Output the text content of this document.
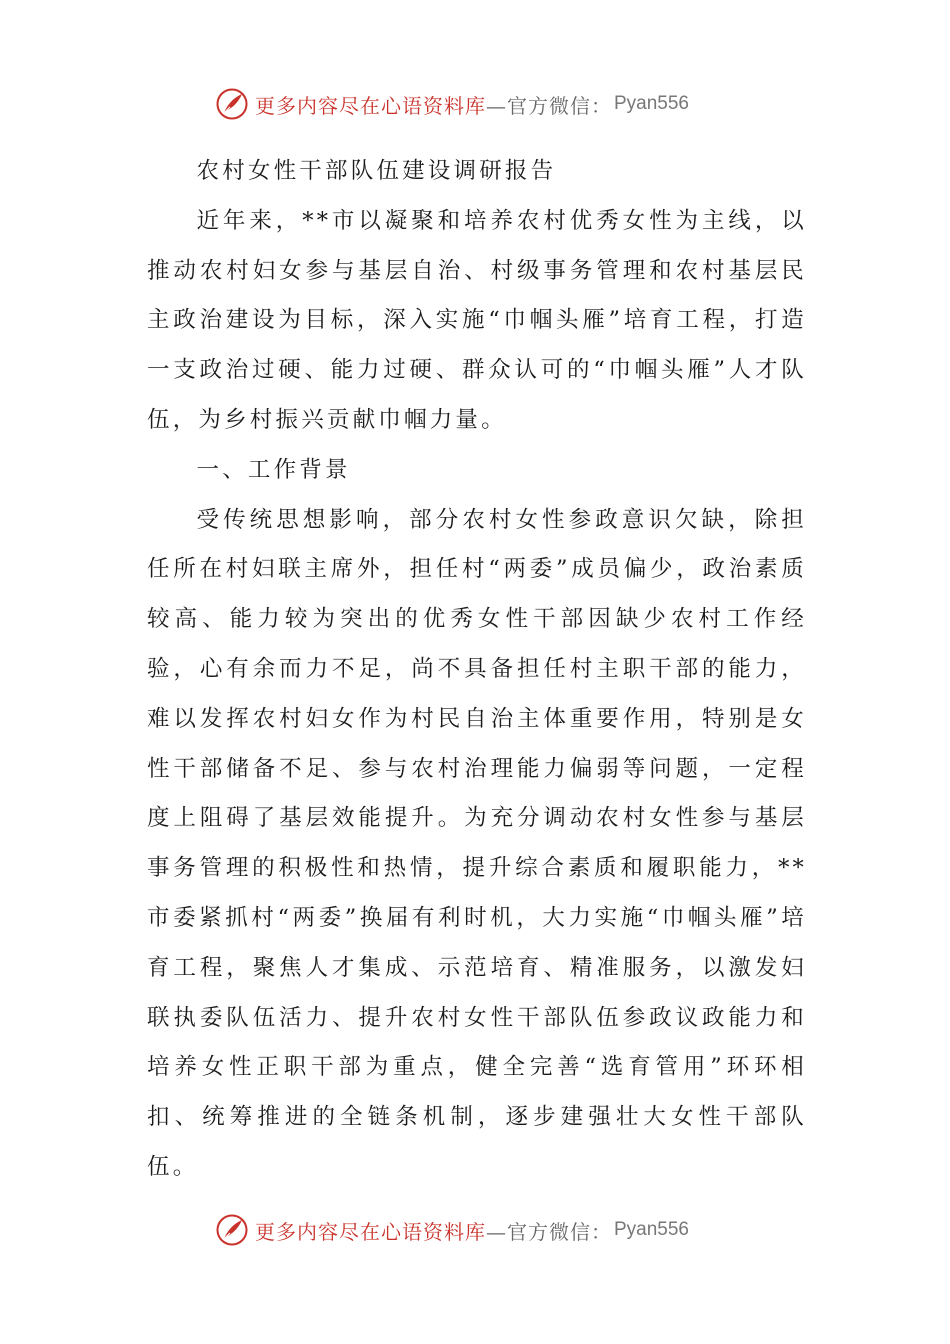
更多内容尽在心语资料库 —官方微信： Pyan556

农村女性干部队伍建设调研报告

近年来，**市以凝聚和培养农村优秀女性为主线，以推动农村妇女参与基层自治、村级事务管理和农村基层民主政治建设为目标，深入实施“巾帼头雁”培育工程，打造一支政治过硬、能力过硬、群众认可的“巾帼头雁”人才队伍，为乡村振兴贡献巾帼力量。

一、工作背景

受传统思想影响，部分农村女性参政意识欠缺，除担任所在村妇联主席外，担任村“两委”成员偏少，政治素质较高、能力较为突出的优秀女性干部因缺少农村工作经验，心有余而力不足，尚不具备担任村主职干部的能力，难以发挥农村妇女作为村民自治主体重要作用，特别是女性干部储备不足、参与农村治理能力偏弱等问题，一定程度上阻碍了基层效能提升。为充分调动农村女性参与基层事务管理的积极性和热情，提升综合素质和履职能力，**市委紧抓村“两委”换届有利时机，大力实施“巾帼头雁”培育工程，聚焦人才集成、示范培育、精准服务，以激发妇联执委队伍活力、提升农村女性干部队伍参政议政能力和培养女性正职干部为重点，健全完善“选育管用”环环相扣、统筹推进的全链条机制，逐步建强壮大女性干部队伍。

更多内容尽在心语资料库 —官方微信： Pyan556
